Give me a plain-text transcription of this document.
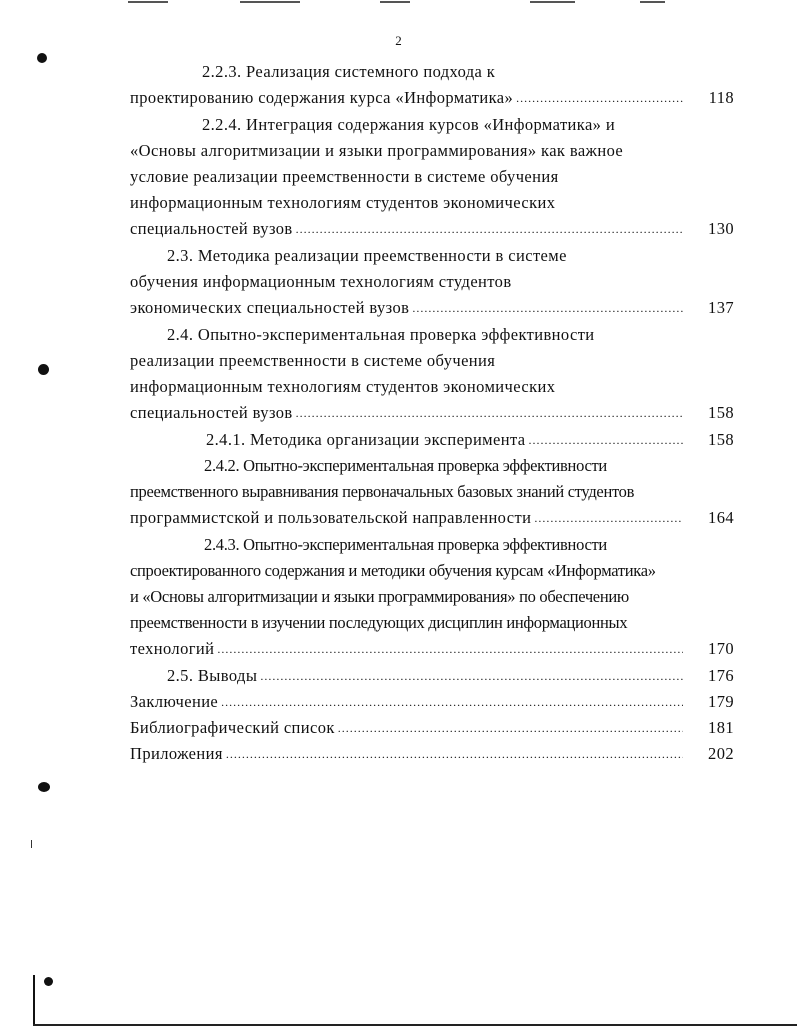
2
2.2.3. Реализация системного подхода к
проектированию содержания курса «Информатика» . . .	118
2.2.4. Интеграция содержания курсов «Информатика» и
«Основы алгоритмизации и языки программирования» как важное
условие реализации преемственности в системе обучения
информационным технологиям студентов экономических
специальностей вузов . . .	130
2.3. Методика реализации преемственности в системе
обучения информационным технологиям студентов
экономических специальностей вузов . . .	137
2.4. Опытно-экспериментальная проверка эффективности
реализации преемственности в системе обучения
информационным технологиям студентов экономических
специальностей вузов . . .	158
2.4.1. Методика организации эксперимента . . .	158
2.4.2. Опытно-экспериментальная проверка эффективности
преемственного выравнивания первоначальных базовых знаний студентов
программистской и пользовательской направленности . . .	164
2.4.3. Опытно-экспериментальная проверка эффективности
спроектированного содержания и методики обучения курсам «Информатика»
и «Основы алгоритмизации и языки программирования» по обеспечению
преемственности в изучении последующих дисциплин информационных
технологий . . .	170
2.5. Выводы . . .	176
Заключение . . .	179
Библиографический список . . .	181
Приложения . . .	202
